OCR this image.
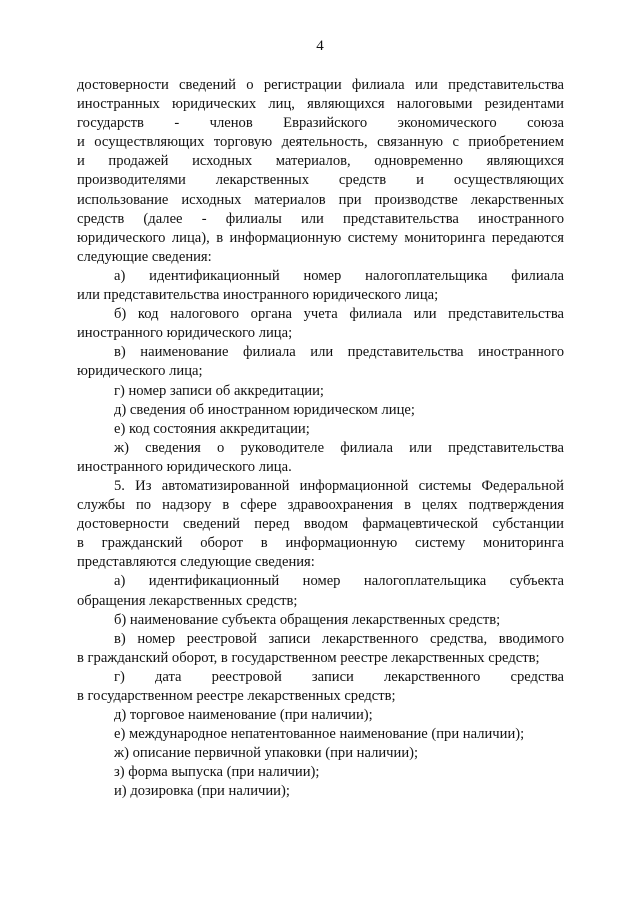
4

достоверности сведений о регистрации филиала или представительства
иностранных юридических лиц, являющихся налоговыми резидентами
государств - членов Евразийского экономического союза
и осуществляющих торговую деятельность, связанную с приобретением
и продажей исходных материалов, одновременно являющихся
производителями лекарственных средств и осуществляющих
использование исходных материалов при производстве лекарственных
средств (далее - филиалы или представительства иностранного
юридического лица), в информационную систему мониторинга передаются
следующие сведения:

а) идентификационный номер налогоплательщика филиала
или представительства иностранного юридического лица;

б) код налогового органа учета филиала или представительства
иностранного юридического лица;

в) наименование филиала или представительства иностранного
юридического лица;

г) номер записи об аккредитации;

д) сведения об иностранном юридическом лице;

е) код состояния аккредитации;

ж) сведения о руководителе филиала или представительства
иностранного юридического лица.

5. Из автоматизированной информационной системы Федеральной
службы по надзору в сфере здравоохранения в целях подтверждения
достоверности сведений перед вводом фармацевтической субстанции
в гражданский оборот в информационную систему мониторинга
представляются следующие сведения:

а) идентификационный номер налогоплательщика субъекта
обращения лекарственных средств;

б) наименование субъекта обращения лекарственных средств;

в) номер реестровой записи лекарственного средства, вводимого
в гражданский оборот, в государственном реестре лекарственных средств;

г) дата реестровой записи лекарственного средства
в государственном реестре лекарственных средств;

д) торговое наименование (при наличии);

е) международное непатентованное наименование (при наличии);

ж) описание первичной упаковки (при наличии);

з) форма выпуска (при наличии);

и) дозировка (при наличии);
